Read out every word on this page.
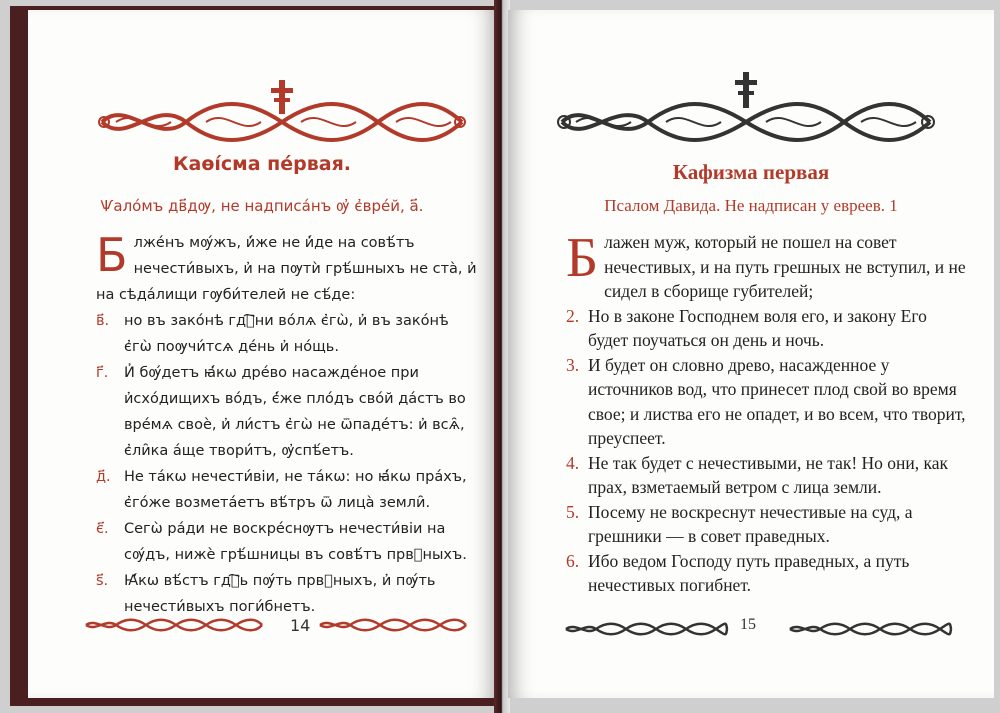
Каѳі́сма пе́рвая.
Ѱало́мъ дв҃дѹ, не надписа́нъ ѹ҆ є҆вре́й, а҃.
Б лже́нъ мѹ́жъ, и҆́же не и҆́де на совѣ́тъ нечести́выхъ, и҆ на пѹтѝ грѣ́шныхъ не ста̀, и҆ на сѣда́лищи гѹби́телей не сѣ́де:
в҃. но въ зако́нѣ гдⷭ҇ни во́лѧ є҆гѡ̀, и҆ въ зако́нѣ є҆гѡ̀ поѹчи́тсѧ де́нь и҆ но́щь.
г҃. И҆ бѹ́детъ ꙗ҆́кѡ дре́во насажде́ное при и҆схо́дищихъ во́дъ, є҆́же пло́дъ сво́й да́стъ во вре́мѧ своѐ, и҆ ли́стъ є҆гѡ̀ не ѿпаде́тъ: и҆ всѧ̑, є҆ли̑ка а́ще твори́тъ, ѹ҆спѣ́етъ.
д҃. Не та́кѡ нечести́віи, не та́кѡ: но ꙗ҆́кѡ пра́хъ, є҆го́же возмета́етъ вѣ́тръ ѿ лица̀ земли̑.
є҃. Сегѡ̀ ра́ди не воскре́снѹтъ нечести́віи на сѹ́дъ, нижѐ грѣ́шницы въ совѣ́тъ првⷣныхъ.
ѕ҃. Ꙗ҆́кѡ вѣ́стъ гдⷭ҇ь пѹ́ть првⷣныхъ, и҆ пѹ́ть нечести́выхъ поги́бнетъ.
14
Кафизма первая
Псалом Давида. Не надписан у евреев. 1
Б лажен муж, который не пошел на совет нечестивых, и на путь грешных не вступил, и не сидел в сборище губителей;
2. Но в законе Господнем воля его, и закону Его будет поучаться он день и ночь.
3. И будет он словно древо, насажденное у источников вод, что принесет плод свой во время свое; и листва его не опадет, и во всем, что творит, преуспеет.
4. Не так будет с нечестивыми, не так! Но они, как прах, взметаемый ветром с лица земли.
5. Посему не воскреснут нечестивые на суд, а грешники — в совет праведных.
6. Ибо ведом Господу путь праведных, а путь нечестивых погибнет.
15
